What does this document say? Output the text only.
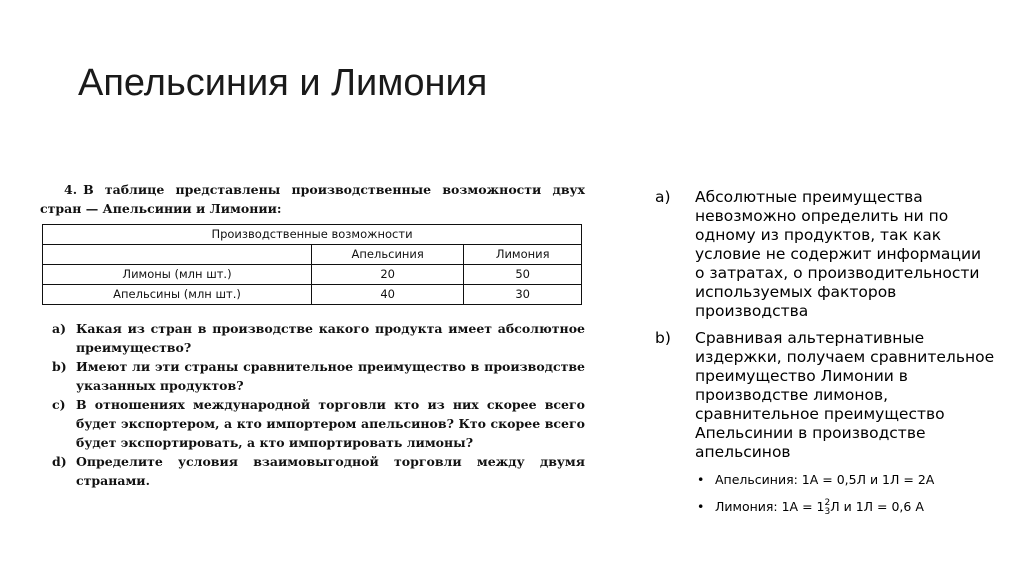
Апельсиния и Лимония
4. В таблице представлены производственные возможности двух стран — Апельсинии и Лимонии:
Производственные возможности		
	Апельсиния	Лимония
Лимоны (млн шт.)	20	50
Апельсины (млн шт.)	40	30
а) Какая из стран в производстве какого продукта имеет абсолютное преимущество?
b) Имеют ли эти страны сравнительное преимущество в производстве указанных продуктов?
c) В отношениях международной торговли кто из них скорее всего будет экспортером, а кто импортером апельсинов? Кто скорее всего будет экспортировать, а кто импортировать лимоны?
d) Определите условия взаимовыгодной торговли между двумя странами.
a)	Абсолютные преимущества невозможно определить ни по одному из продуктов, так как условие не содержит информации о затратах, о производительности используемых факторов производства
b)	Сравнивая альтернативные издержки, получаем сравнительное преимущество Лимонии в производстве лимонов, сравнительное преимущество Апельсинии в производстве апельсинов
• Апельсиния: 1А = 0,5Л и 1Л = 2А
• Лимония: 1А = 1 2
3 Л и 1Л = 0,6 А
